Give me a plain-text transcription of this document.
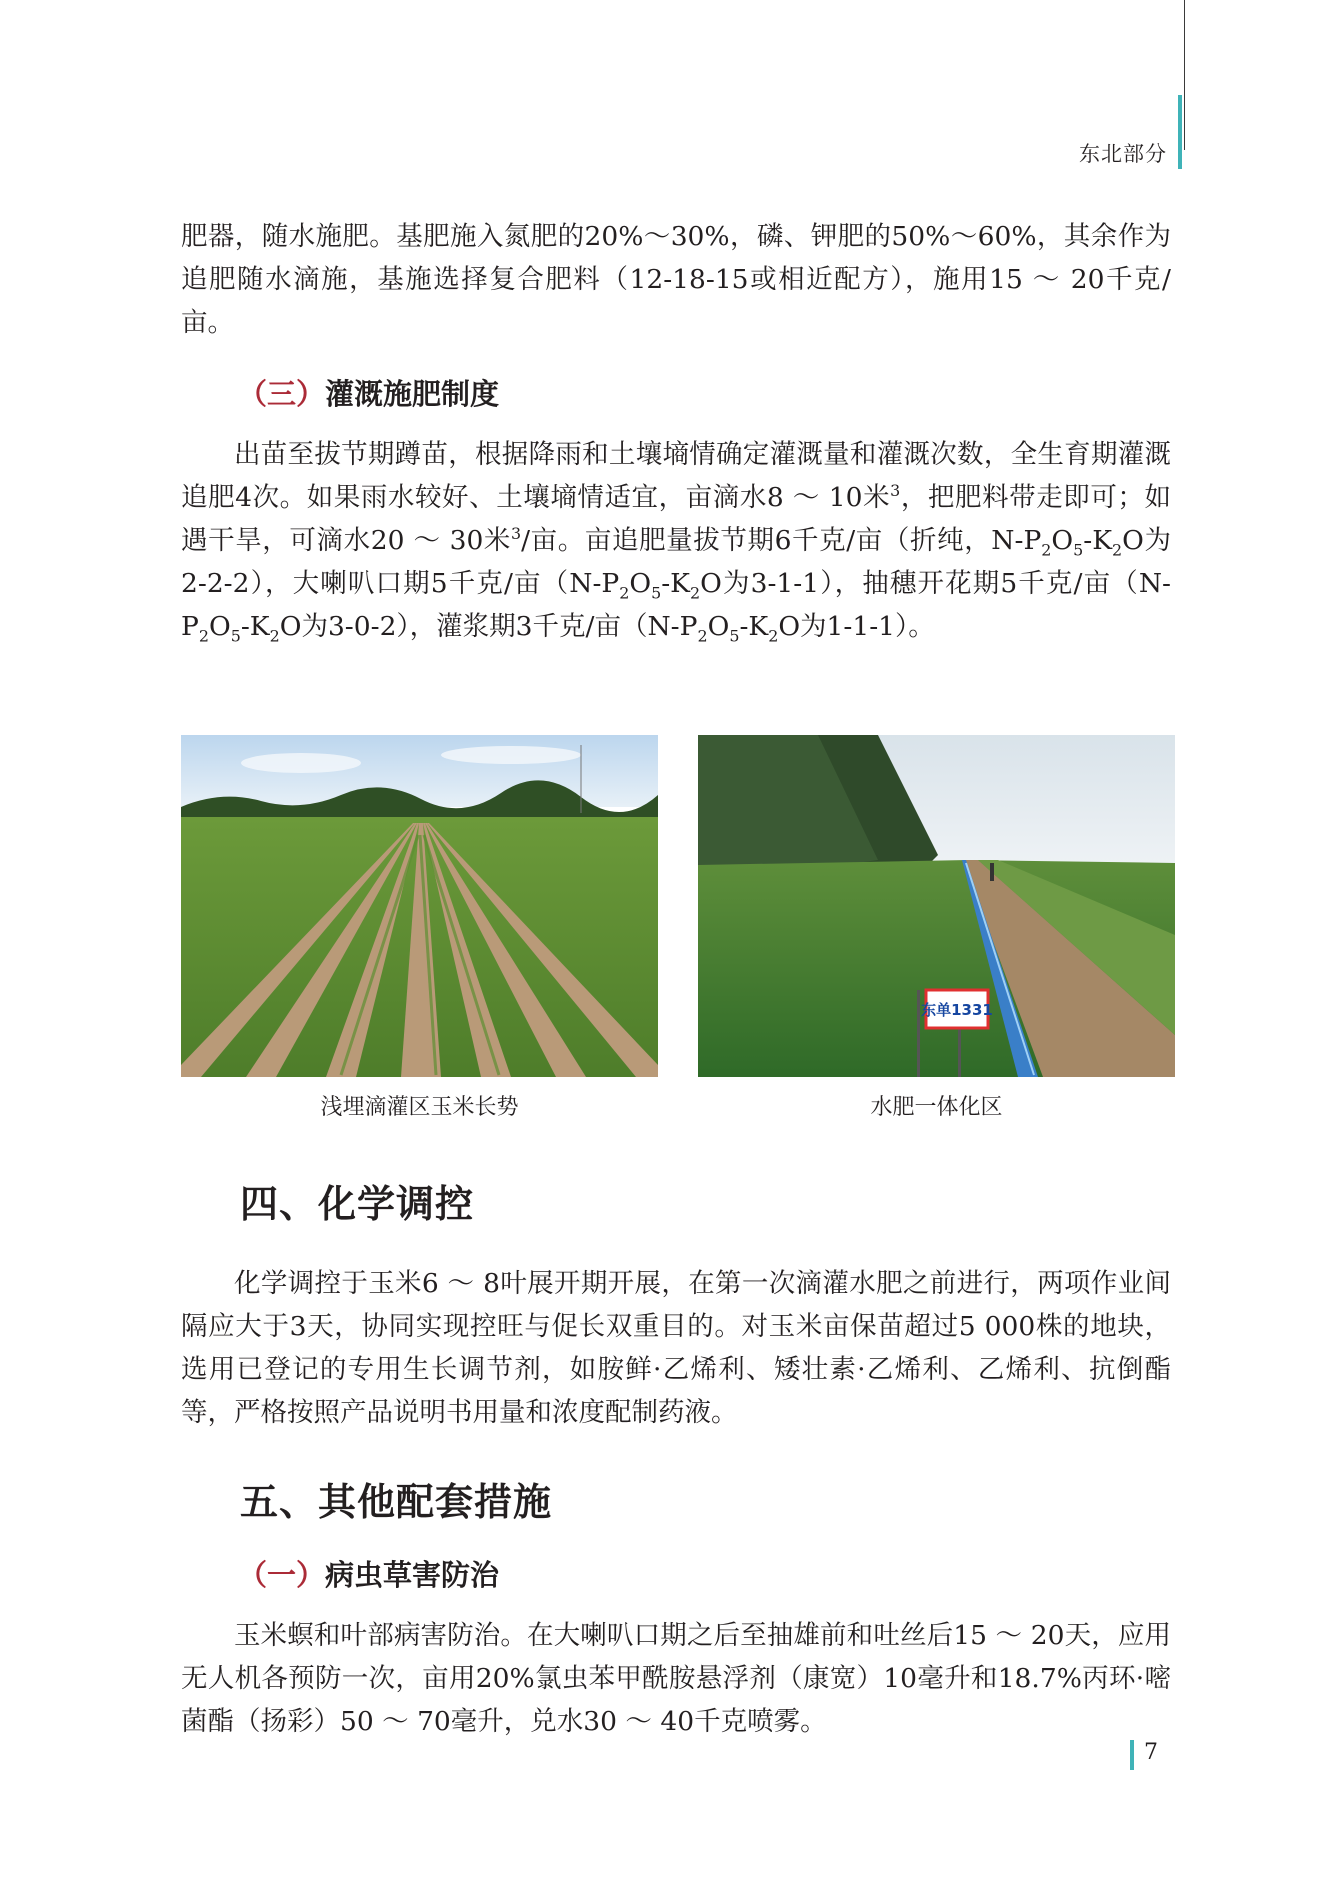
东北部分

肥器，随水施肥。基肥施入氮肥的20%～30%，磷、钾肥的50%～60%，其余作为追肥随水滴施，基施选择复合肥料（12-18-15或相近配方），施用15 ～ 20千克/亩。

（三）灌溉施肥制度

出苗至拔节期蹲苗，根据降雨和土壤墒情确定灌溉量和灌溉次数，全生育期灌溉追肥4次。如果雨水较好、土壤墒情适宜，亩滴水8 ～ 10米$^3$，把肥料带走即可；如遇干旱，可滴水20 ～ 30米$^3$/亩。亩追肥量拔节期6千克/亩（折纯，$N-P_2O_5-K_2O$为2-2-2），大喇叭口期5千克/亩（$N-P_2O_5-K_2O$为3-1-1），抽穗开花期5千克/亩（$N-P_2O_5-K_2O$为3-0-2），灌浆期3千克/亩（$N-P_2O_5-K_2O$为1-1-1）。

浅埋滴灌区玉米长势
东单1331
水肥一体化区
四、化学调控

化学调控于玉米6 ～ 8叶展开期开展，在第一次滴灌水肥之前进行，两项作业间隔应大于3天，协同实现控旺与促长双重目的。对玉米亩保苗超过5 000株的地块，选用已登记的专用生长调节剂，如胺鲜·乙烯利、矮壮素·乙烯利、乙烯利、抗倒酯等，严格按照产品说明书用量和浓度配制药液。

五、其他配套措施
（一）病虫草害防治

玉米螟和叶部病害防治。在大喇叭口期之后至抽雄前和吐丝后15 ～ 20天，应用无人机各预防一次，亩用20%氯虫苯甲酰胺悬浮剂（康宽）10毫升和18.7%丙环·嘧菌酯（扬彩）50 ～ 70毫升，兑水30 ～ 40千克喷雾。

7
